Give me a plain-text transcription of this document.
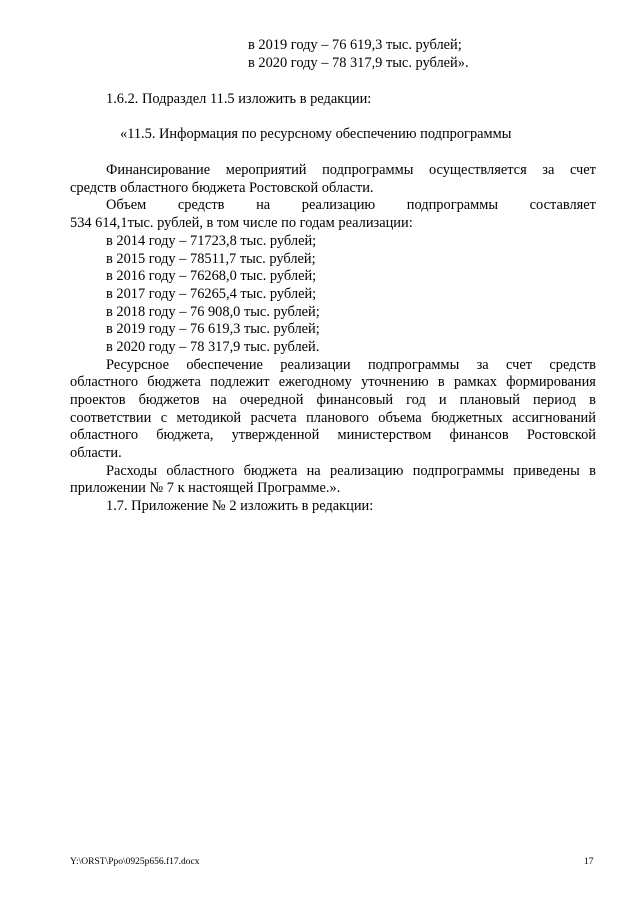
в 2019 году – 76 619,3 тыс. рублей;
в 2020 году – 78 317,9 тыс. рублей».
1.6.2. Подраздел 11.5 изложить в редакции:
«11.5. Информация по ресурсному обеспечению подпрограммы
Финансирование мероприятий подпрограммы осуществляется за счет
средств областного бюджета Ростовской области.
Объем средств на реализацию подпрограммы составляет
534 614,1тыс. рублей, в том числе по годам реализации:
в 2014 году – 71723,8 тыс. рублей;
в 2015 году – 78511,7 тыс. рублей;
в 2016 году – 76268,0 тыс. рублей;
в 2017 году – 76265,4 тыс. рублей;
в 2018 году – 76 908,0 тыс. рублей;
в 2019 году – 76 619,3 тыс. рублей;
в 2020 году – 78 317,9 тыс. рублей.
Ресурсное обеспечение реализации подпрограммы за счет средств
областного бюджета подлежит ежегодному уточнению в рамках формирования
проектов бюджетов на очередной финансовый год и плановый период в
соответствии с методикой расчета планового объема бюджетных ассигнований
областного бюджета, утвержденной министерством финансов Ростовской
области.
Расходы областного бюджета на реализацию подпрограммы приведены в
приложении № 7 к настоящей Программе.».
1.7. Приложение № 2 изложить в редакции:
Y:\ORST\Ppo\0925p656.f17.docx	17
